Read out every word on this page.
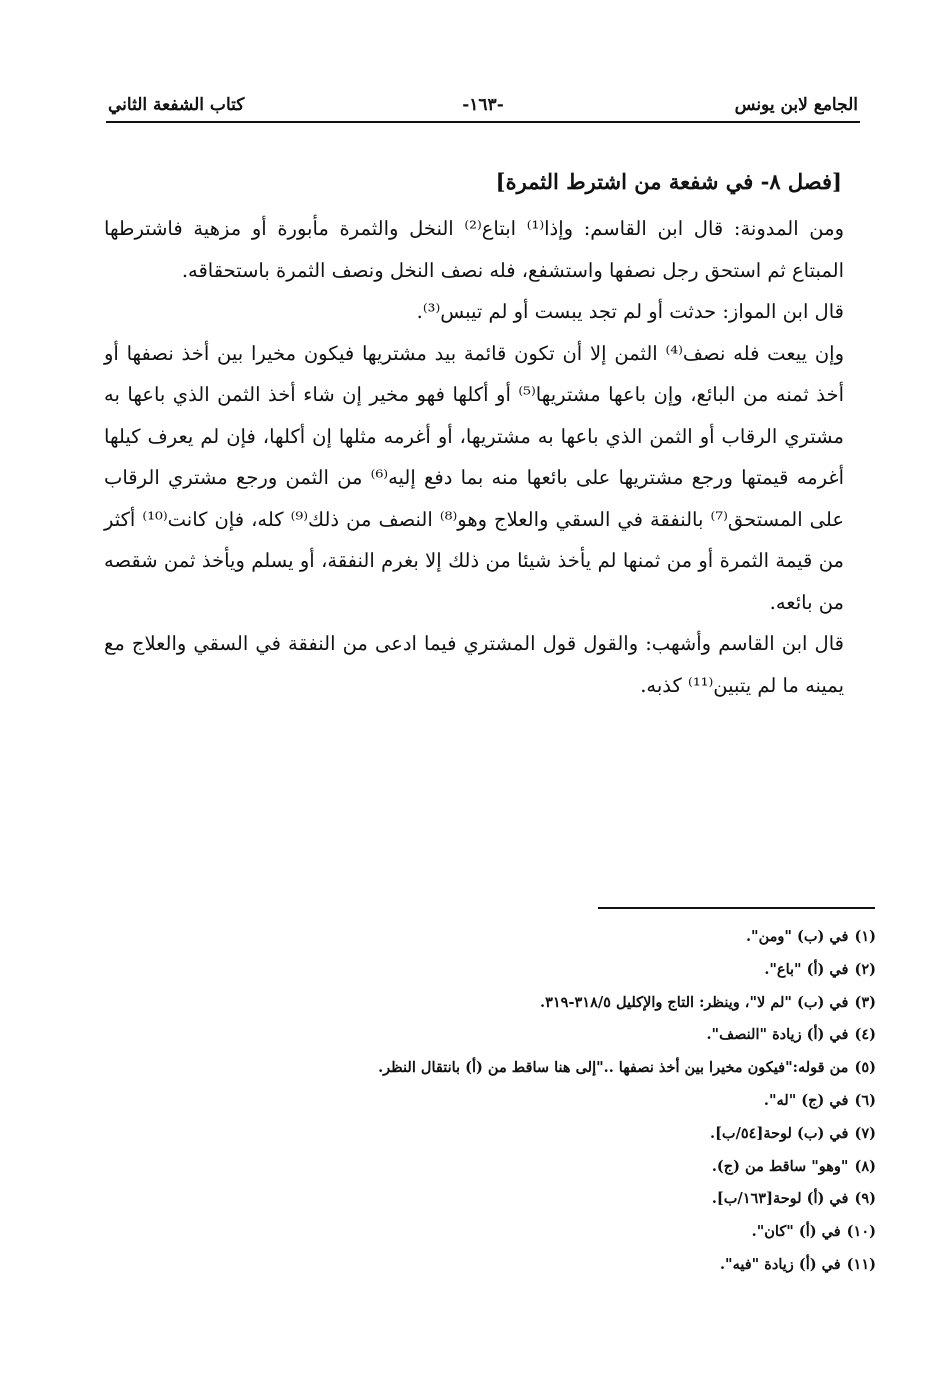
الجامع لابن يونس
-١٦٣-
كتاب الشفعة الثاني
[فصل ٨- في شفعة من اشترط الثمرة]

ومن المدونة: قال ابن القاسم: وإذا⁽¹⁾ ابتاع⁽²⁾ النخل والثمرة مأبورة أو مزهية فاشترطها المبتاع ثم استحق رجل نصفها واستشفع، فله نصف النخل ونصف الثمرة باستحقاقه.

قال ابن المواز: حدثت أو لم تجد يبست أو لم تيبس⁽³⁾.

وإن ييعت فله نصف⁽⁴⁾ الثمن إلا أن تكون قائمة بيد مشتريها فيكون مخيرا بين أخذ نصفها أو أخذ ثمنه من البائع، وإن باعها مشتريها⁽⁵⁾ أو أكلها فهو مخير إن شاء أخذ الثمن الذي باعها به مشتري الرقاب أو الثمن الذي باعها به مشتريها، أو أغرمه مثلها إن أكلها، فإن لم يعرف كيلها أغرمه قيمتها ورجع مشتريها على بائعها منه بما دفع إليه⁽⁶⁾ من الثمن ورجع مشتري الرقاب على المستحق⁽⁷⁾ بالنفقة في السقي والعلاج وهو⁽⁸⁾ النصف من ذلك⁽⁹⁾ كله، فإن كانت⁽¹⁰⁾ أكثر من قيمة الثمرة أو من ثمنها لم يأخذ شيئا من ذلك إلا بغرم النفقة، أو يسلم ويأخذ ثمن شقصه من بائعه.

قال ابن القاسم وأشهب: والقول قول المشتري فيما ادعى من النفقة في السقي والعلاج مع يمينه ما لم يتبين⁽¹¹⁾ كذبه.

(١)في (ب) "ومن".

(٢)في (أ) "باع".

(٣)في (ب) "لم لا"، وينظر: التاج والإكليل ٣١٨/٥-٣١٩.

(٤)في (أ) زيادة "النصف".

(٥)من قوله:"فيكون مخيرا بين أخذ نصفها .."إلى هنا ساقط من (أ) بانتقال النظر.

(٦)في (ج) "له".

(٧)في (ب) لوحة[٥٤/ب].

(٨)"وهو" ساقط من (ج).

(٩)في (أ) لوحة[١٦٣/ب].

(١٠)في (أ) "كان".

(١١)في (أ) زيادة "فيه".
